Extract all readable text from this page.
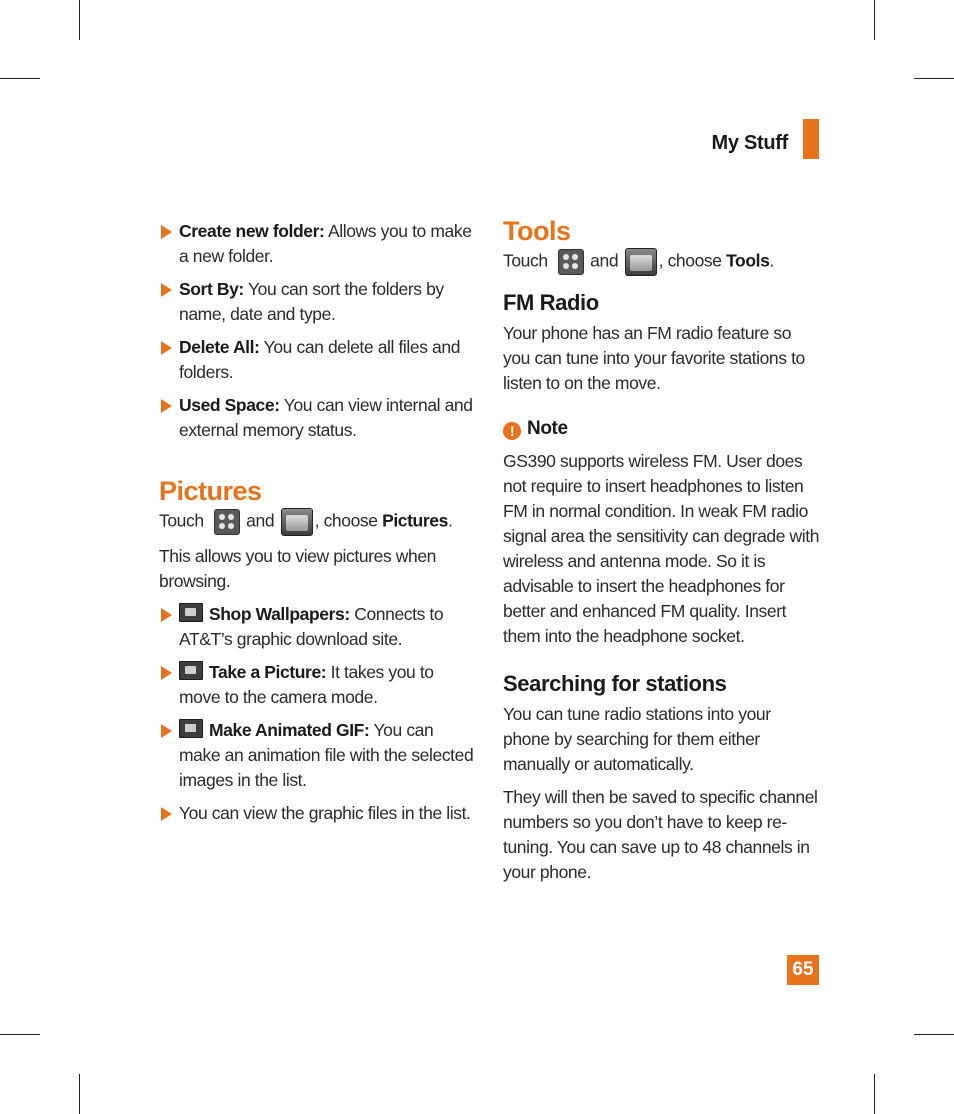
My Stuff
Create new folder: Allows you to make a new folder.
Sort By: You can sort the folders by name, date and type.
Delete All: You can delete all files and folders.
Used Space: You can view internal and external memory status.
Pictures

Touch and , choose Pictures.

This allows you to view pictures when browsing.

Shop Wallpapers: Connects to AT&T’s graphic download site.
Take a Picture: It takes you to move to the camera mode.
Make Animated GIF: You can make an animation file with the selected images in the list.
You can view the graphic files in the list.
Tools

Touch and , choose Tools.

FM Radio

Your phone has an FM radio feature so you can tune into your favorite stations to listen to on the move.

! Note

GS390 supports wireless FM. User does not require to insert headphones to listen FM in normal condition. In weak FM radio signal area the sensitivity can degrade with wireless and antenna mode. So it is advisable to insert the headphones for better and enhanced FM quality. Insert them into the headphone socket.

Searching for stations

You can tune radio stations into your phone by searching for them either manually or automatically.

They will then be saved to specific channel numbers so you don’t have to keep re-tuning. You can save up to 48 channels in your phone.

65
